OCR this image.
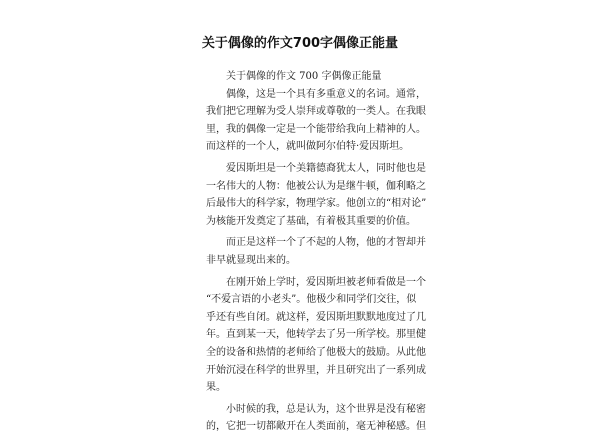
关于偶像的作文700字偶像正能量
关于偶像的作文 700 字偶像正能量
偶像，这是一个具有多重意义的名词。通常，
我们把它理解为受人崇拜或尊敬的一类人。在我眼
里，我的偶像一定是一个能带给我向上精神的人。
而这样的一个人，就叫做阿尔伯特·爱因斯坦。
爱因斯坦是一个美籍德裔犹太人，同时他也是
一名伟大的人物：他被公认为是继牛顿，伽利略之
后最伟大的科学家，物理学家。他创立的“相对论”
为核能开发奠定了基础，有着极其重要的价值。
而正是这样一个了不起的人物，他的才智却并
非早就显现出来的。
在刚开始上学时，爱因斯坦被老师看做是一个
“不爱言语的小老头”。他极少和同学们交往，似
乎还有些自闭。就这样，爱因斯坦默默地度过了几
年。直到某一天，他转学去了另一所学校。那里健
全的设备和热情的老师给了他极大的鼓励。从此他
开始沉浸在科学的世界里，并且研究出了一系列成
果。
小时候的我，总是认为，这个世界是没有秘密
的，它把一切都敞开在人类面前，毫无神秘感。但
